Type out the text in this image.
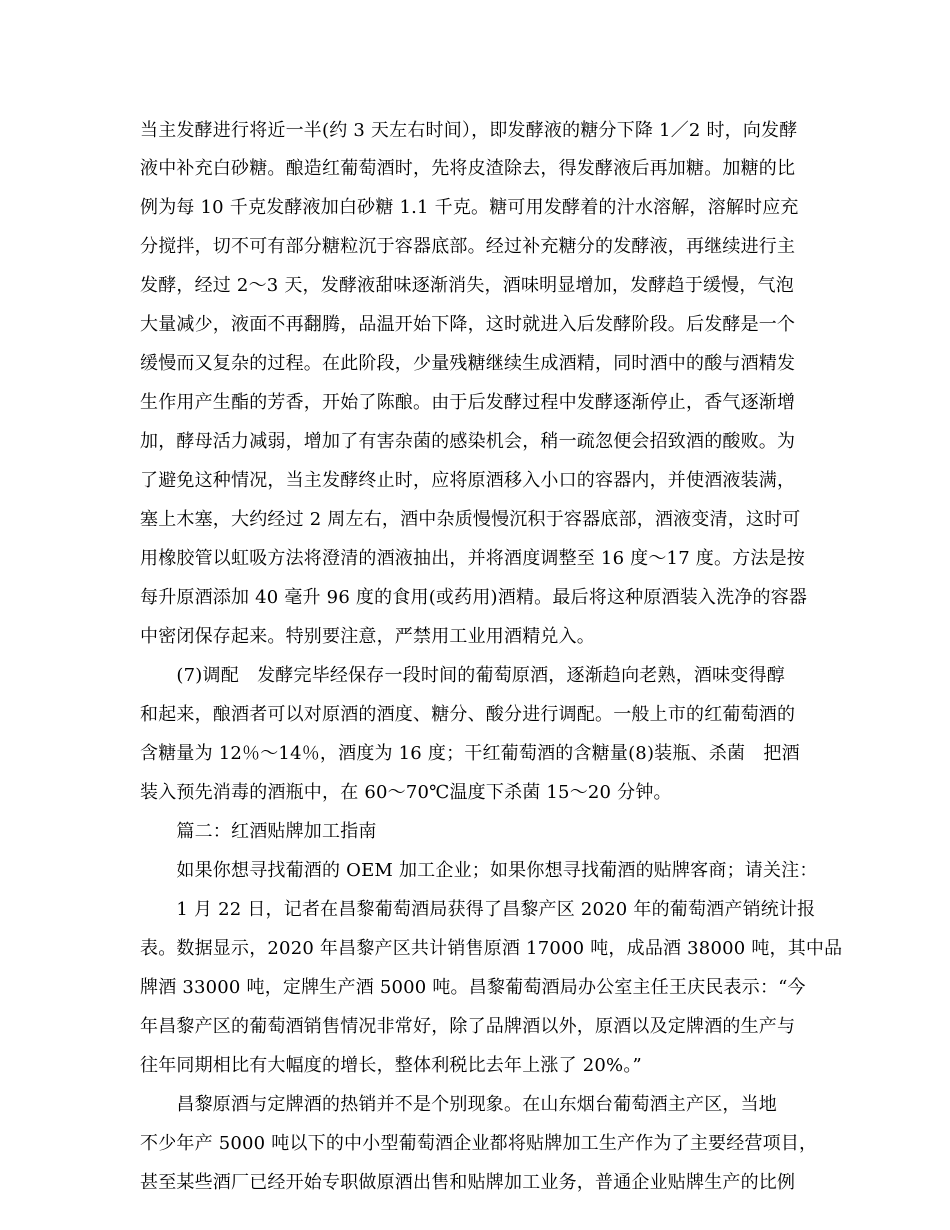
当主发酵进行将近一半(约 3 天左右时间），即发酵液的糖分下降 1／2 时，向发酵
液中补充白砂糖。酿造红葡萄酒时，先将皮渣除去，得发酵液后再加糖。加糖的比
例为每 10 千克发酵液加白砂糖 1.1 千克。糖可用发酵着的汁水溶解，溶解时应充
分搅拌，切不可有部分糖粒沉于容器底部。经过补充糖分的发酵液，再继续进行主
发酵，经过 2～3 天，发酵液甜味逐渐消失，酒味明显增加，发酵趋于缓慢，气泡
大量减少，液面不再翻腾，品温开始下降，这时就进入后发酵阶段。后发酵是一个
缓慢而又复杂的过程。在此阶段，少量残糖继续生成酒精，同时酒中的酸与酒精发
生作用产生酯的芳香，开始了陈酿。由于后发酵过程中发酵逐渐停止，香气逐渐增
加，酵母活力减弱，增加了有害杂菌的感染机会，稍一疏忽便会招致酒的酸败。为
了避免这种情况，当主发酵终止时，应将原酒移入小口的容器内，并使酒液装满，
塞上木塞，大约经过 2 周左右，酒中杂质慢慢沉积于容器底部，酒液变清，这时可
用橡胶管以虹吸方法将澄清的酒液抽出，并将酒度调整至 16 度～17 度。方法是按
每升原酒添加 40 毫升 96 度的食用(或药用)酒精。最后将这种原酒装入洗净的容器
中密闭保存起来。特别要注意，严禁用工业用酒精兑入。
　　(7)调配　发酵完毕经保存一段时间的葡萄原酒，逐渐趋向老熟，酒味变得醇
和起来，酿酒者可以对原酒的酒度、糖分、酸分进行调配。一般上市的红葡萄酒的
含糖量为 12％～14％，酒度为 16 度；干红葡萄酒的含糖量(8)装瓶、杀菌　把酒
装入预先消毒的酒瓶中，在 60～70℃温度下杀菌 15～20 分钟。
　　篇二：红酒贴牌加工指南
　　如果你想寻找葡酒的 OEM 加工企业；如果你想寻找葡酒的贴牌客商；请关注：
　　1 月 22 日，记者在昌黎葡萄酒局获得了昌黎产区 2020 年的葡萄酒产销统计报
表。数据显示，2020 年昌黎产区共计销售原酒 17000 吨，成品酒 38000 吨，其中品
牌酒 33000 吨，定牌生产酒 5000 吨。昌黎葡萄酒局办公室主任王庆民表示：“今
年昌黎产区的葡萄酒销售情况非常好，除了品牌酒以外，原酒以及定牌酒的生产与
往年同期相比有大幅度的增长，整体利税比去年上涨了 20%。”
　　昌黎原酒与定牌酒的热销并不是个别现象。在山东烟台葡萄酒主产区，当地
不少年产 5000 吨以下的中小型葡萄酒企业都将贴牌加工生产作为了主要经营项目，
甚至某些酒厂已经开始专职做原酒出售和贴牌加工业务，普通企业贴牌生产的比例
